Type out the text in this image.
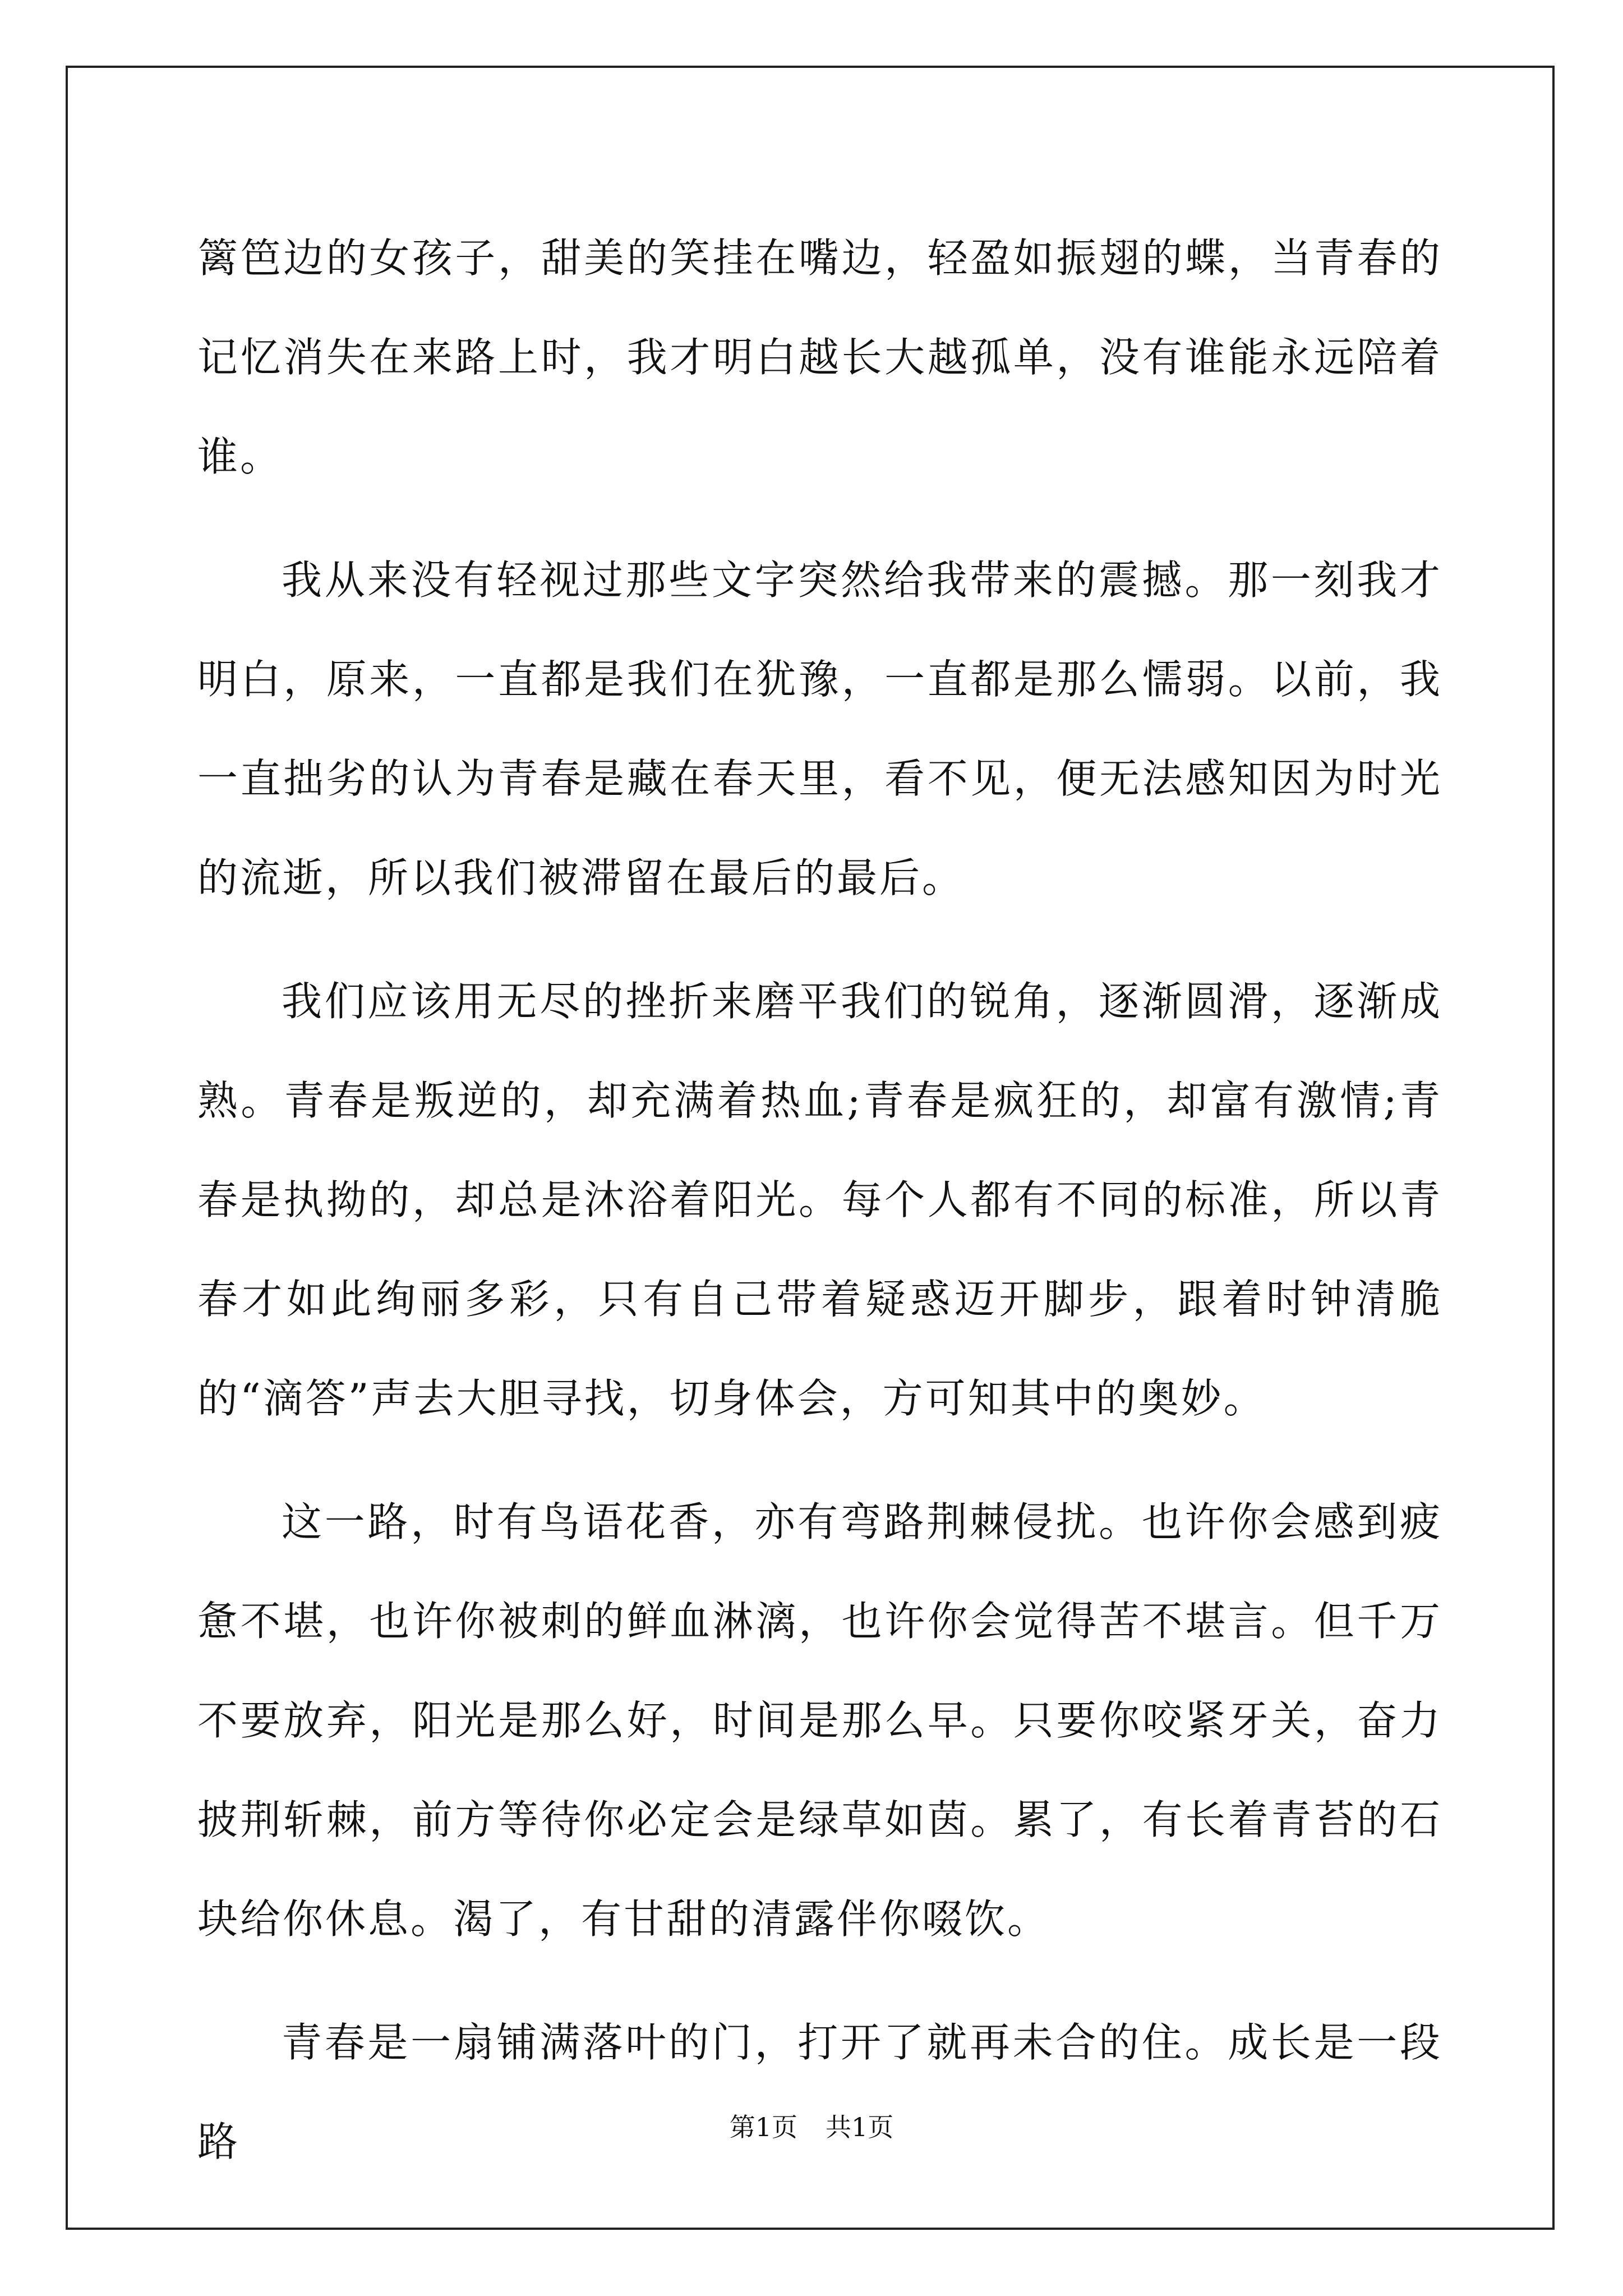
篱笆边的女孩子，甜美的笑挂在嘴边，轻盈如振翅的蝶，当青春的记忆消失在来路上时，我才明白越长大越孤单，没有谁能永远陪着谁。

我从来没有轻视过那些文字突然给我带来的震撼。那一刻我才明白，原来，一直都是我们在犹豫，一直都是那么懦弱。以前，我一直拙劣的认为青春是藏在春天里，看不见，便无法感知因为时光的流逝，所以我们被滞留在最后的最后。

我们应该用无尽的挫折来磨平我们的锐角，逐渐圆滑，逐渐成熟。青春是叛逆的，却充满着热血;青春是疯狂的，却富有激情;青春是执拗的，却总是沐浴着阳光。每个人都有不同的标准，所以青春才如此绚丽多彩，只有自己带着疑惑迈开脚步，跟着时钟清脆的“滴答”声去大胆寻找，切身体会，方可知其中的奥妙。

这一路，时有鸟语花香，亦有弯路荆棘侵扰。也许你会感到疲惫不堪，也许你被刺的鲜血淋漓，也许你会觉得苦不堪言。但千万不要放弃，阳光是那么好，时间是那么早。只要你咬紧牙关，奋力披荆斩棘，前方等待你必定会是绿草如茵。累了，有长着青苔的石块给你休息。渴了，有甘甜的清露伴你啜饮。

青春是一扇铺满落叶的门，打开了就再未合的住。成长是一段路	第1页 共1页
